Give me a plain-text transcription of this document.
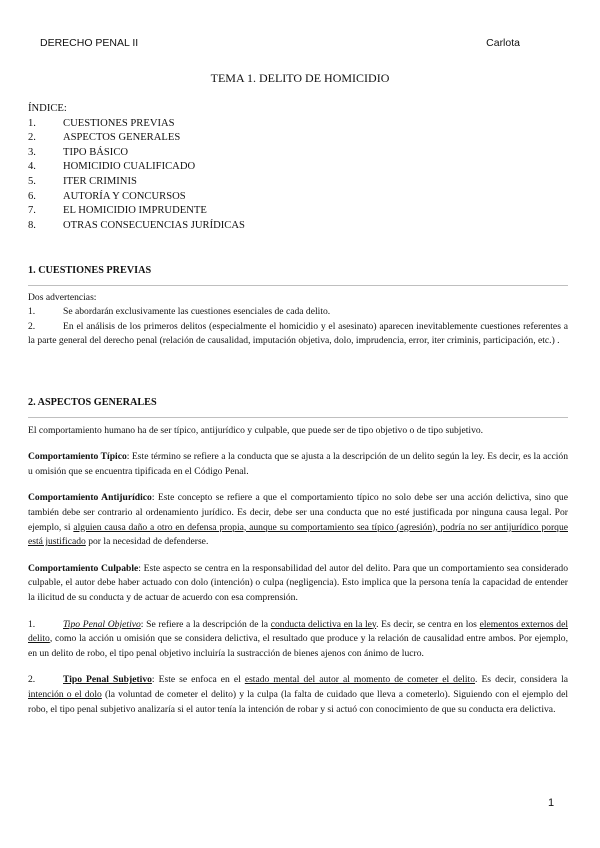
DERECHO PENAL II	Carlota
TEMA 1. DELITO DE HOMICIDIO
ÍNDICE:
1.	CUESTIONES PREVIAS
2.	ASPECTOS GENERALES
3.	TIPO BÁSICO
4.	HOMICIDIO CUALIFICADO
5.	ITER CRIMINIS
6.	AUTORÍA Y CONCURSOS
7.	EL HOMICIDIO IMPRUDENTE
8.	OTRAS CONSECUENCIAS JURÍDICAS
1. CUESTIONES PREVIAS

Dos advertencias:

1.	Se abordarán exclusivamente las cuestiones esenciales de cada delito.

2.	En el análisis de los primeros delitos (especialmente el homicidio y el asesinato) aparecen inevitablemente cuestiones referentes a la parte general del derecho penal (relación de causalidad, imputación objetiva, dolo, imprudencia, error, iter criminis, participación, etc.) .

2. ASPECTOS GENERALES

El comportamiento humano ha de ser típico, antijurídico y culpable, que puede ser de tipo objetivo o de tipo subjetivo.

Comportamiento Típico: Este término se refiere a la conducta que se ajusta a la descripción de un delito según la ley. Es decir, es la acción u omisión que se encuentra tipificada en el Código Penal.

Comportamiento Antijurídico: Este concepto se refiere a que el comportamiento típico no solo debe ser una acción delictiva, sino que también debe ser contrario al ordenamiento jurídico. Es decir, debe ser una conducta que no esté justificada por ninguna causa legal. Por ejemplo, si alguien causa daño a otro en defensa propia, aunque su comportamiento sea típico (agresión), podría no ser antijurídico porque está justificado por la necesidad de defenderse.

Comportamiento Culpable: Este aspecto se centra en la responsabilidad del autor del delito. Para que un comportamiento sea considerado culpable, el autor debe haber actuado con dolo (intención) o culpa (negligencia). Esto implica que la persona tenía la capacidad de entender la ilicitud de su conducta y de actuar de acuerdo con esa comprensión.

1.	Tipo Penal Objetivo: Se refiere a la descripción de la conducta delictiva en la ley. Es decir, se centra en los elementos externos del delito, como la acción u omisión que se considera delictiva, el resultado que produce y la relación de causalidad entre ambos. Por ejemplo, en un delito de robo, el tipo penal objetivo incluiría la sustracción de bienes ajenos con ánimo de lucro.

2.	Tipo Penal Subjetivo: Este se enfoca en el estado mental del autor al momento de cometer el delito. Es decir, considera la intención o el dolo (la voluntad de cometer el delito) y la culpa (la falta de cuidado que lleva a cometerlo). Siguiendo con el ejemplo del robo, el tipo penal subjetivo analizaría si el autor tenía la intención de robar y si actuó con conocimiento de que su conducta era delictiva.

1
